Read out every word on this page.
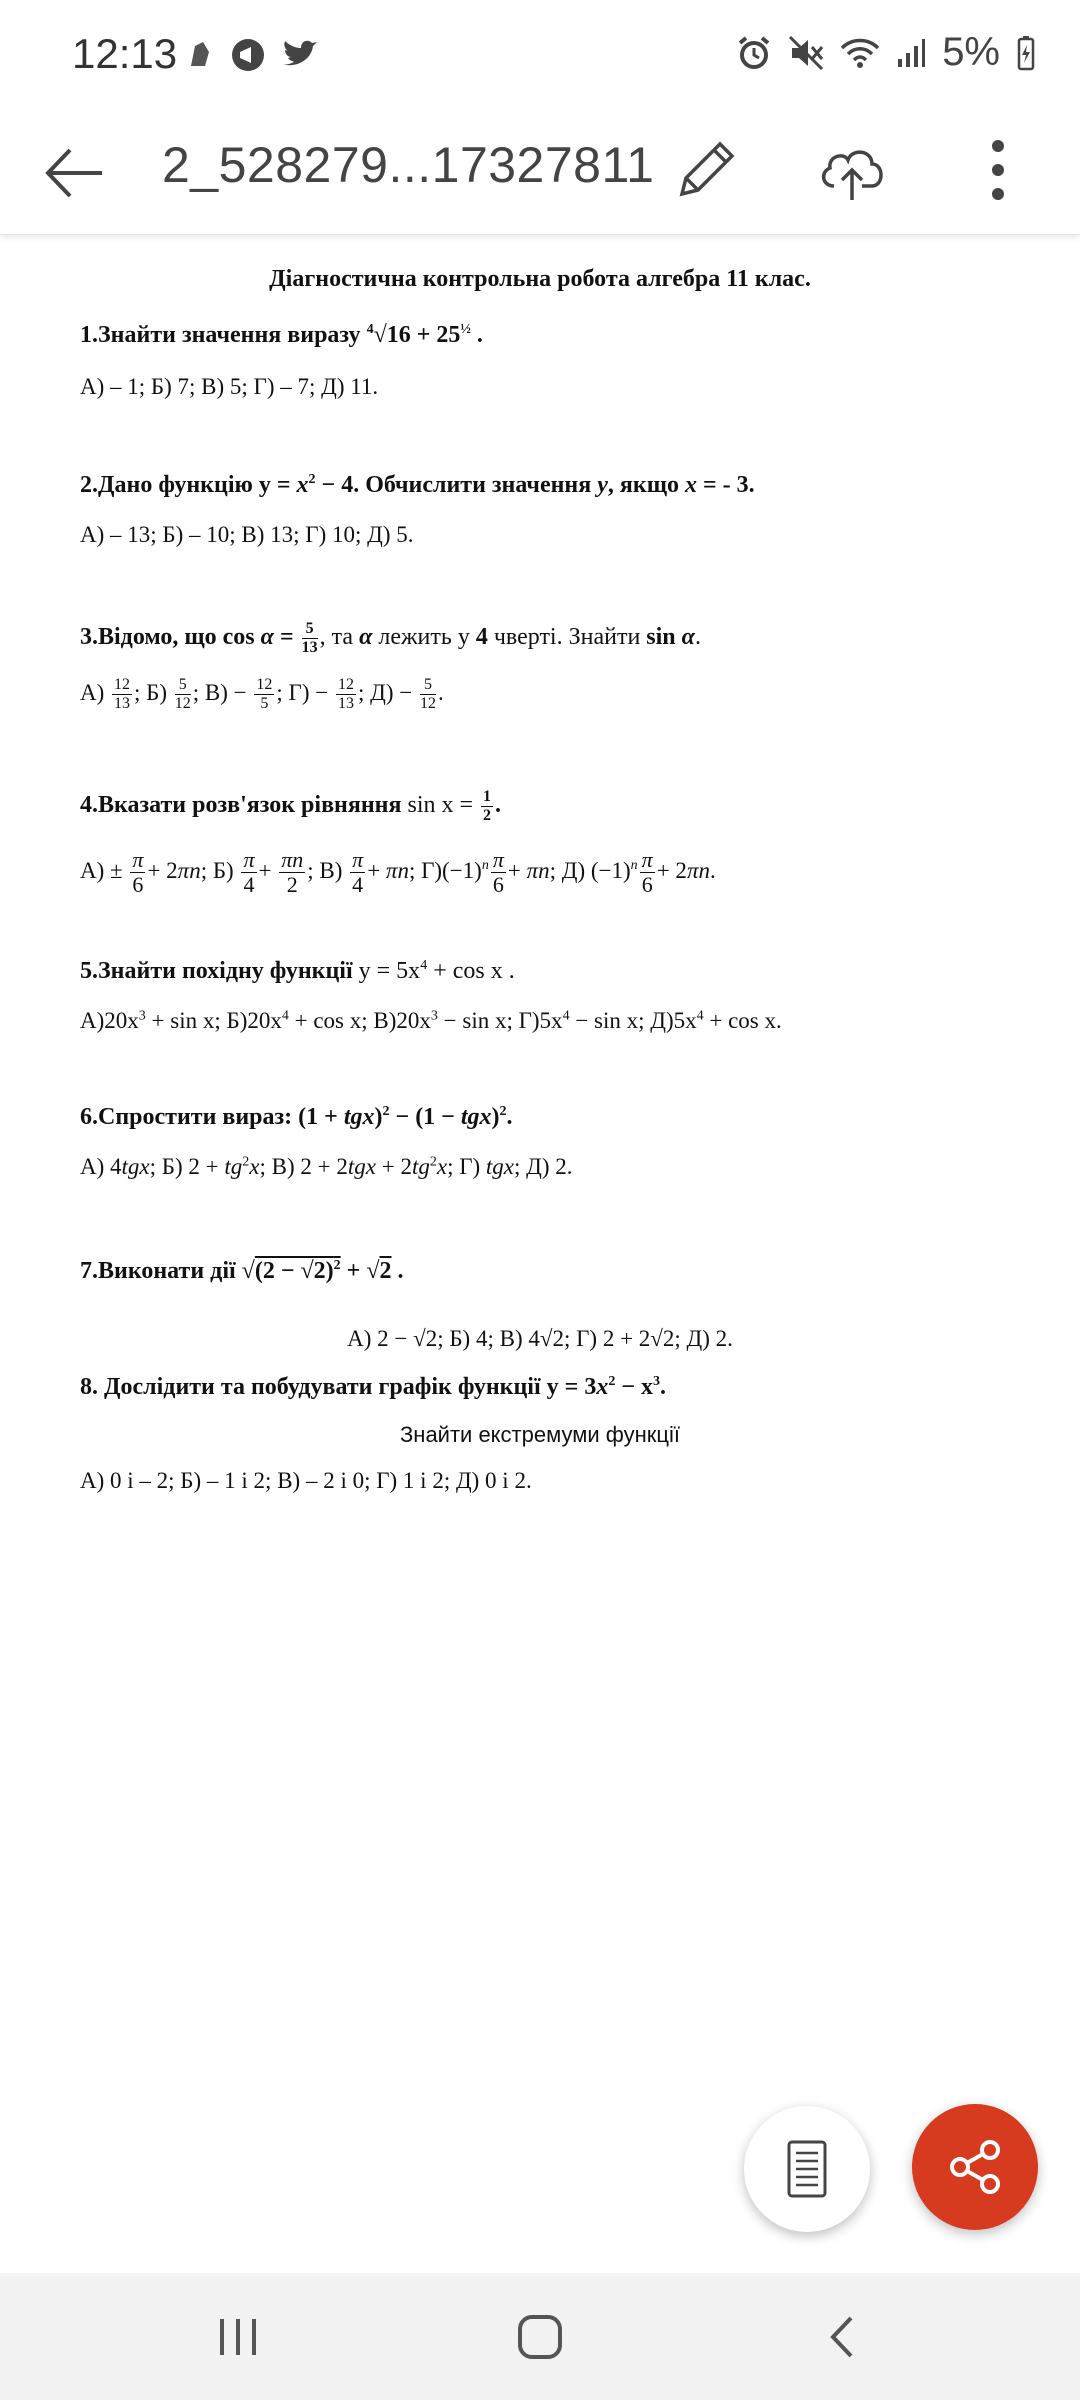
12:13	5%
2_528279...17327811
Діагностична контрольна робота алгебра 11 клас.
1.Знайти значення виразу $^4√16 + 25^{\frac{1}{2}}$ .
А) – 1; Б) 7; В) 5; Г) – 7; Д) 11.
2.Дано функцію $y = x^2 - 4$. Обчислити значення y, якщо x = - 3.
А) – 13; Б) – 10; В) 13; Г) 10; Д) 5.
3.Відомо, що $\cos \alpha = \frac{5}{13}$ , та α лежить у 4 чверті. Знайти sin α.
$А) \frac{12}{13}$ ; $Б) \frac{5}{12}$ ; $В) - \frac{12}{5}$ ; $Г) - \frac{12}{13}$ ; $Д) - \frac{5}{12}$ .
4.Вказати розв'язок рівняння $\sin x = \frac{1}{2}$ .
$А) \pm \frac{\pi}{6} + 2\pi n$; $Б) \frac{\pi}{4} + \frac{\pi n}{2}$ ; $В) \frac{\pi}{4} + \pi n$; $Г)(-1)^n \frac{\pi}{6} + \pi n$; Д) $(-1)^n \frac{\pi}{6} + 2\pi n$.
5.Знайти похідну функції $y = 5x^4 + \cos x$ .
$А)20x^3 + \sin x$; $Б)20x^4 + \cos x$; $В)20x^3 - \sin x$; $Г)5x^4 - \sin x$; $Д)5x^4 + \cos x$.
6.Спростити вираз: (1 + tgx)$^2$ − (1 − tgx)$^2$.
А) 4tgx; Б) $2 + tg^2x$; В) $2 + 2tgx + 2tg^2x$; Г) tgx; Д) 2.
7.Виконати дії $√(2 - √2)^2 + √2$ .
А) 2 − √2; Б) 4; В) 4√2; Г) 2 + 2√2; Д) 2.
8. Дослідити та побудувати графік функції $y = 3x^2 - x^3$.
Знайти екстремуми функції
А) 0 і – 2; Б) – 1 і 2; В) – 2 і 0; Г) 1 і 2; Д) 0 і 2.
